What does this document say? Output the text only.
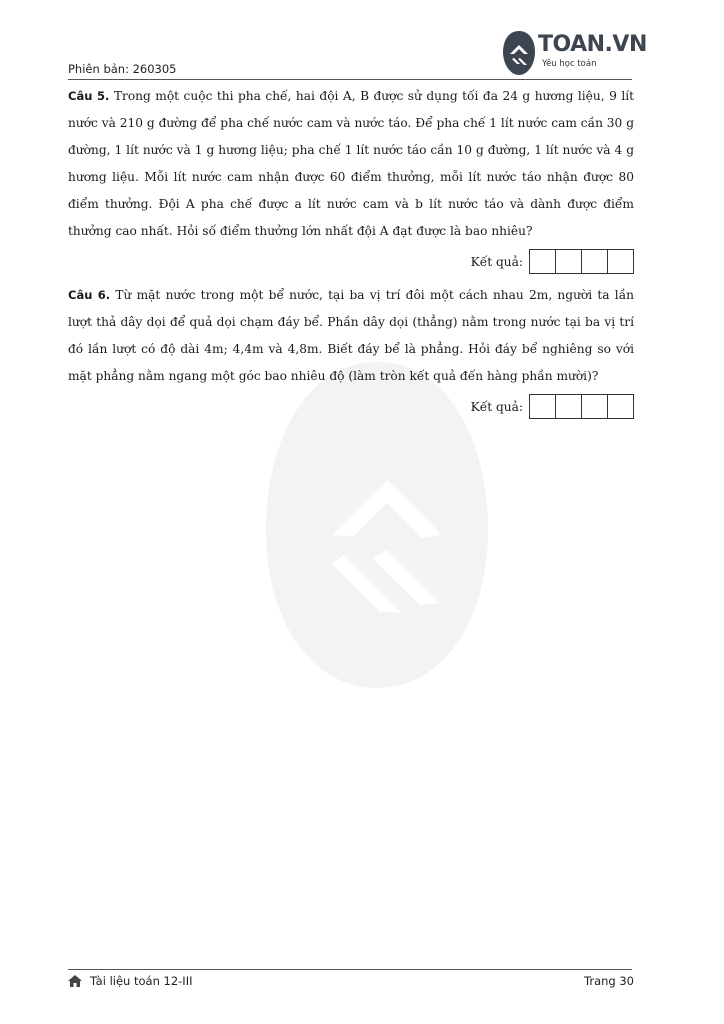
Phiên bản: 260305
TOAN.VN
Yêu học toán

Câu 5. Trong một cuộc thi pha chế, hai đội A, B được sử dụng tối đa 24 g hương liệu, 9 lít nước và 210 g đường để pha chế nước cam và nước táo. Để pha chế 1 lít nước cam cần 30 g đường, 1 lít nước và 1 g hương liệu; pha chế 1 lít nước táo cần 10 g đường, 1 lít nước và 4 g hương liệu. Mỗi lít nước cam nhận được 60 điểm thưởng, mỗi lít nước táo nhận được 80 điểm thưởng. Đội A pha chế được a lít nước cam và b lít nước táo và dành được điểm thưởng cao nhất. Hỏi số điểm thưởng lớn nhất đội A đạt được là bao nhiêu?

Kết quả:

Câu 6. Từ mặt nước trong một bể nước, tại ba vị trí đôi một cách nhau 2m, người ta lần lượt thả dây dọi để quả dọi chạm đáy bể. Phần dây dọi (thẳng) nằm trong nước tại ba vị trí đó lần lượt có độ dài 4m; 4,4m và 4,8m. Biết đáy bể là phẳng. Hỏi đáy bể nghiêng so với mặt phẳng nằm ngang một góc bao nhiêu độ (làm tròn kết quả đến hàng phần mười)?

Kết quả:
Tài liệu toán 12-III	Trang 30
